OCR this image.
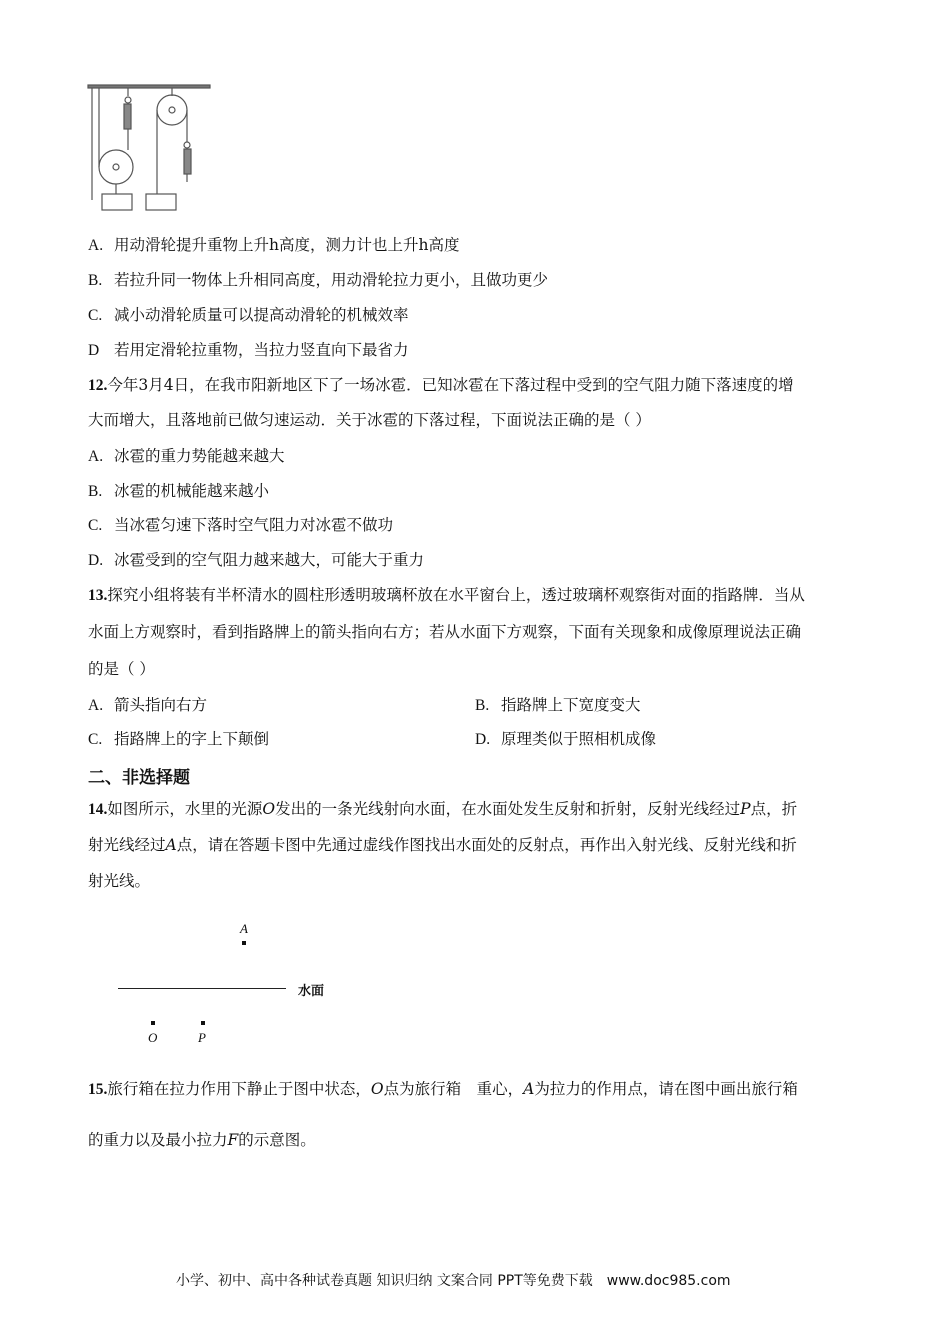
A. 用动滑轮提升重物上升h高度，测力计也上升h高度
B. 若拉升同一物体上升相同高度，用动滑轮拉力更小，且做功更少
C. 减小动滑轮质量可以提高动滑轮的机械效率
D 若用定滑轮拉重物，当拉力竖直向下最省力
12.今年3月4日，在我市阳新地区下了一场冰雹．已知冰雹在下落过程中受到的空气阻力随下落速度的增
大而增大，且落地前已做匀速运动．关于冰雹的下落过程，下面说法正确的是（ ）
A. 冰雹的重力势能越来越大
B. 冰雹的机械能越来越小
C. 当冰雹匀速下落时空气阻力对冰雹不做功
D. 冰雹受到的空气阻力越来越大，可能大于重力
13.探究小组将装有半杯清水的圆柱形透明玻璃杯放在水平窗台上，透过玻璃杯观察街对面的指路牌．当从
水面上方观察时，看到指路牌上的箭头指向右方；若从水面下方观察，下面有关现象和成像原理说法正确
的是（ ）
A. 箭头指向右方	B. 指路牌上下宽度变大
C. 指路牌上的字上下颠倒	D. 原理类似于照相机成像
二、非选择题
14.如图所示，水里的光源O发出的一条光线射向水面，在水面处发生反射和折射，反射光线经过P点，折
射光线经过A点，请在答题卡图中先通过虚线作图找出水面处的反射点，再作出入射光线、反射光线和折
射光线。
A
水面
O	P
15.旅行箱在拉力作用下静止于图中状态，O点为旅行箱　重心，A为拉力的作用点，请在图中画出旅行箱
的重力以及最小拉力F的示意图。
小学、初中、高中各种试卷真题 知识归纳 文案合同 PPT等免费下载　www.doc985.com
